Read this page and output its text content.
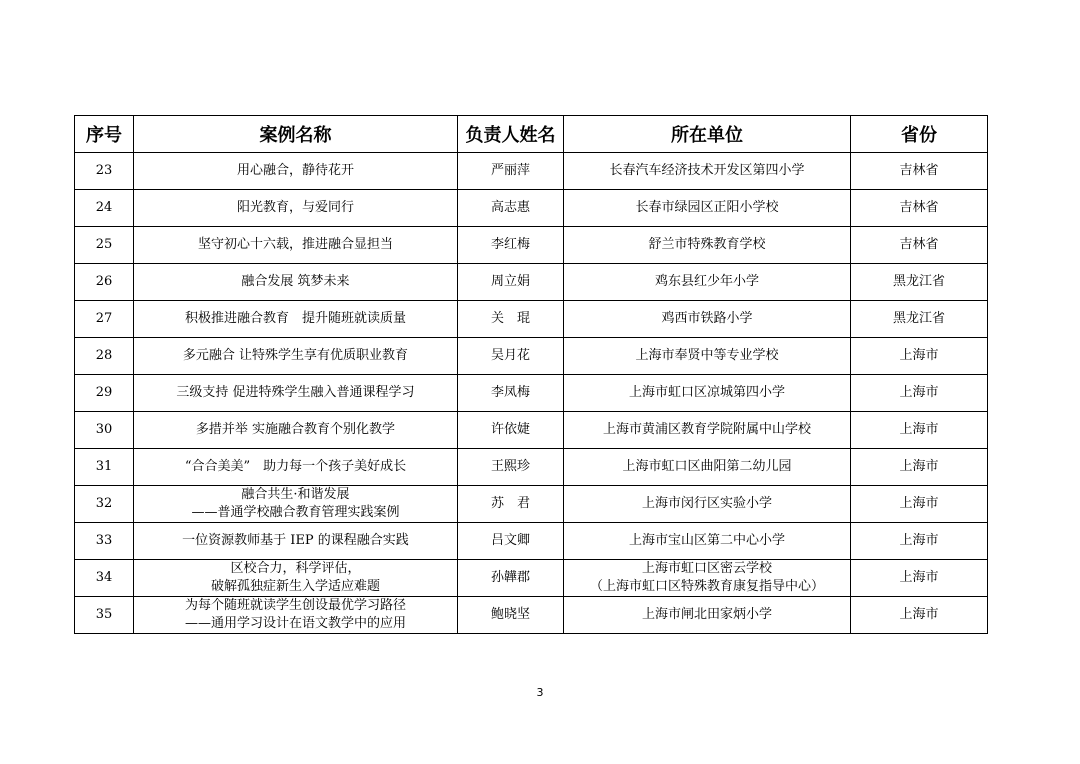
序号	案例名称	负责人姓名	所在单位	省份
23	用心融合，静待花开	严丽萍	长春汽车经济技术开发区第四小学	吉林省
24	阳光教育，与爱同行	高志惠	长春市绿园区正阳小学校	吉林省
25	坚守初心十六载，推进融合显担当	李红梅	舒兰市特殊教育学校	吉林省
26	融合发展 筑梦未来	周立娟	鸡东县红少年小学	黑龙江省
27	积极推进融合教育　提升随班就读质量	关　琨	鸡西市铁路小学	黑龙江省
28	多元融合 让特殊学生享有优质职业教育	吴月花	上海市奉贤中等专业学校	上海市
29	三级支持 促进特殊学生融入普通课程学习	李凤梅	上海市虹口区凉城第四小学	上海市
30	多措并举 实施融合教育个别化教学	许依婕	上海市黄浦区教育学院附属中山学校	上海市
31	“合合美美”　助力每一个孩子美好成长	王熙珍	上海市虹口区曲阳第二幼儿园	上海市
32	融合共生·和谐发展
——普通学校融合教育管理实践案例	苏　君	上海市闵行区实验小学	上海市
33	一位资源教师基于 IEP 的课程融合实践	吕文卿	上海市宝山区第二中心小学	上海市
34	区校合力，科学评估，
破解孤独症新生入学适应难题	孙韡郡	上海市虹口区密云学校
（上海市虹口区特殊教育康复指导中心）	上海市
35	为每个随班就读学生创设最优学习路径
——通用学习设计在语文教学中的应用	鲍晓坚	上海市闸北田家炳小学	上海市
3
